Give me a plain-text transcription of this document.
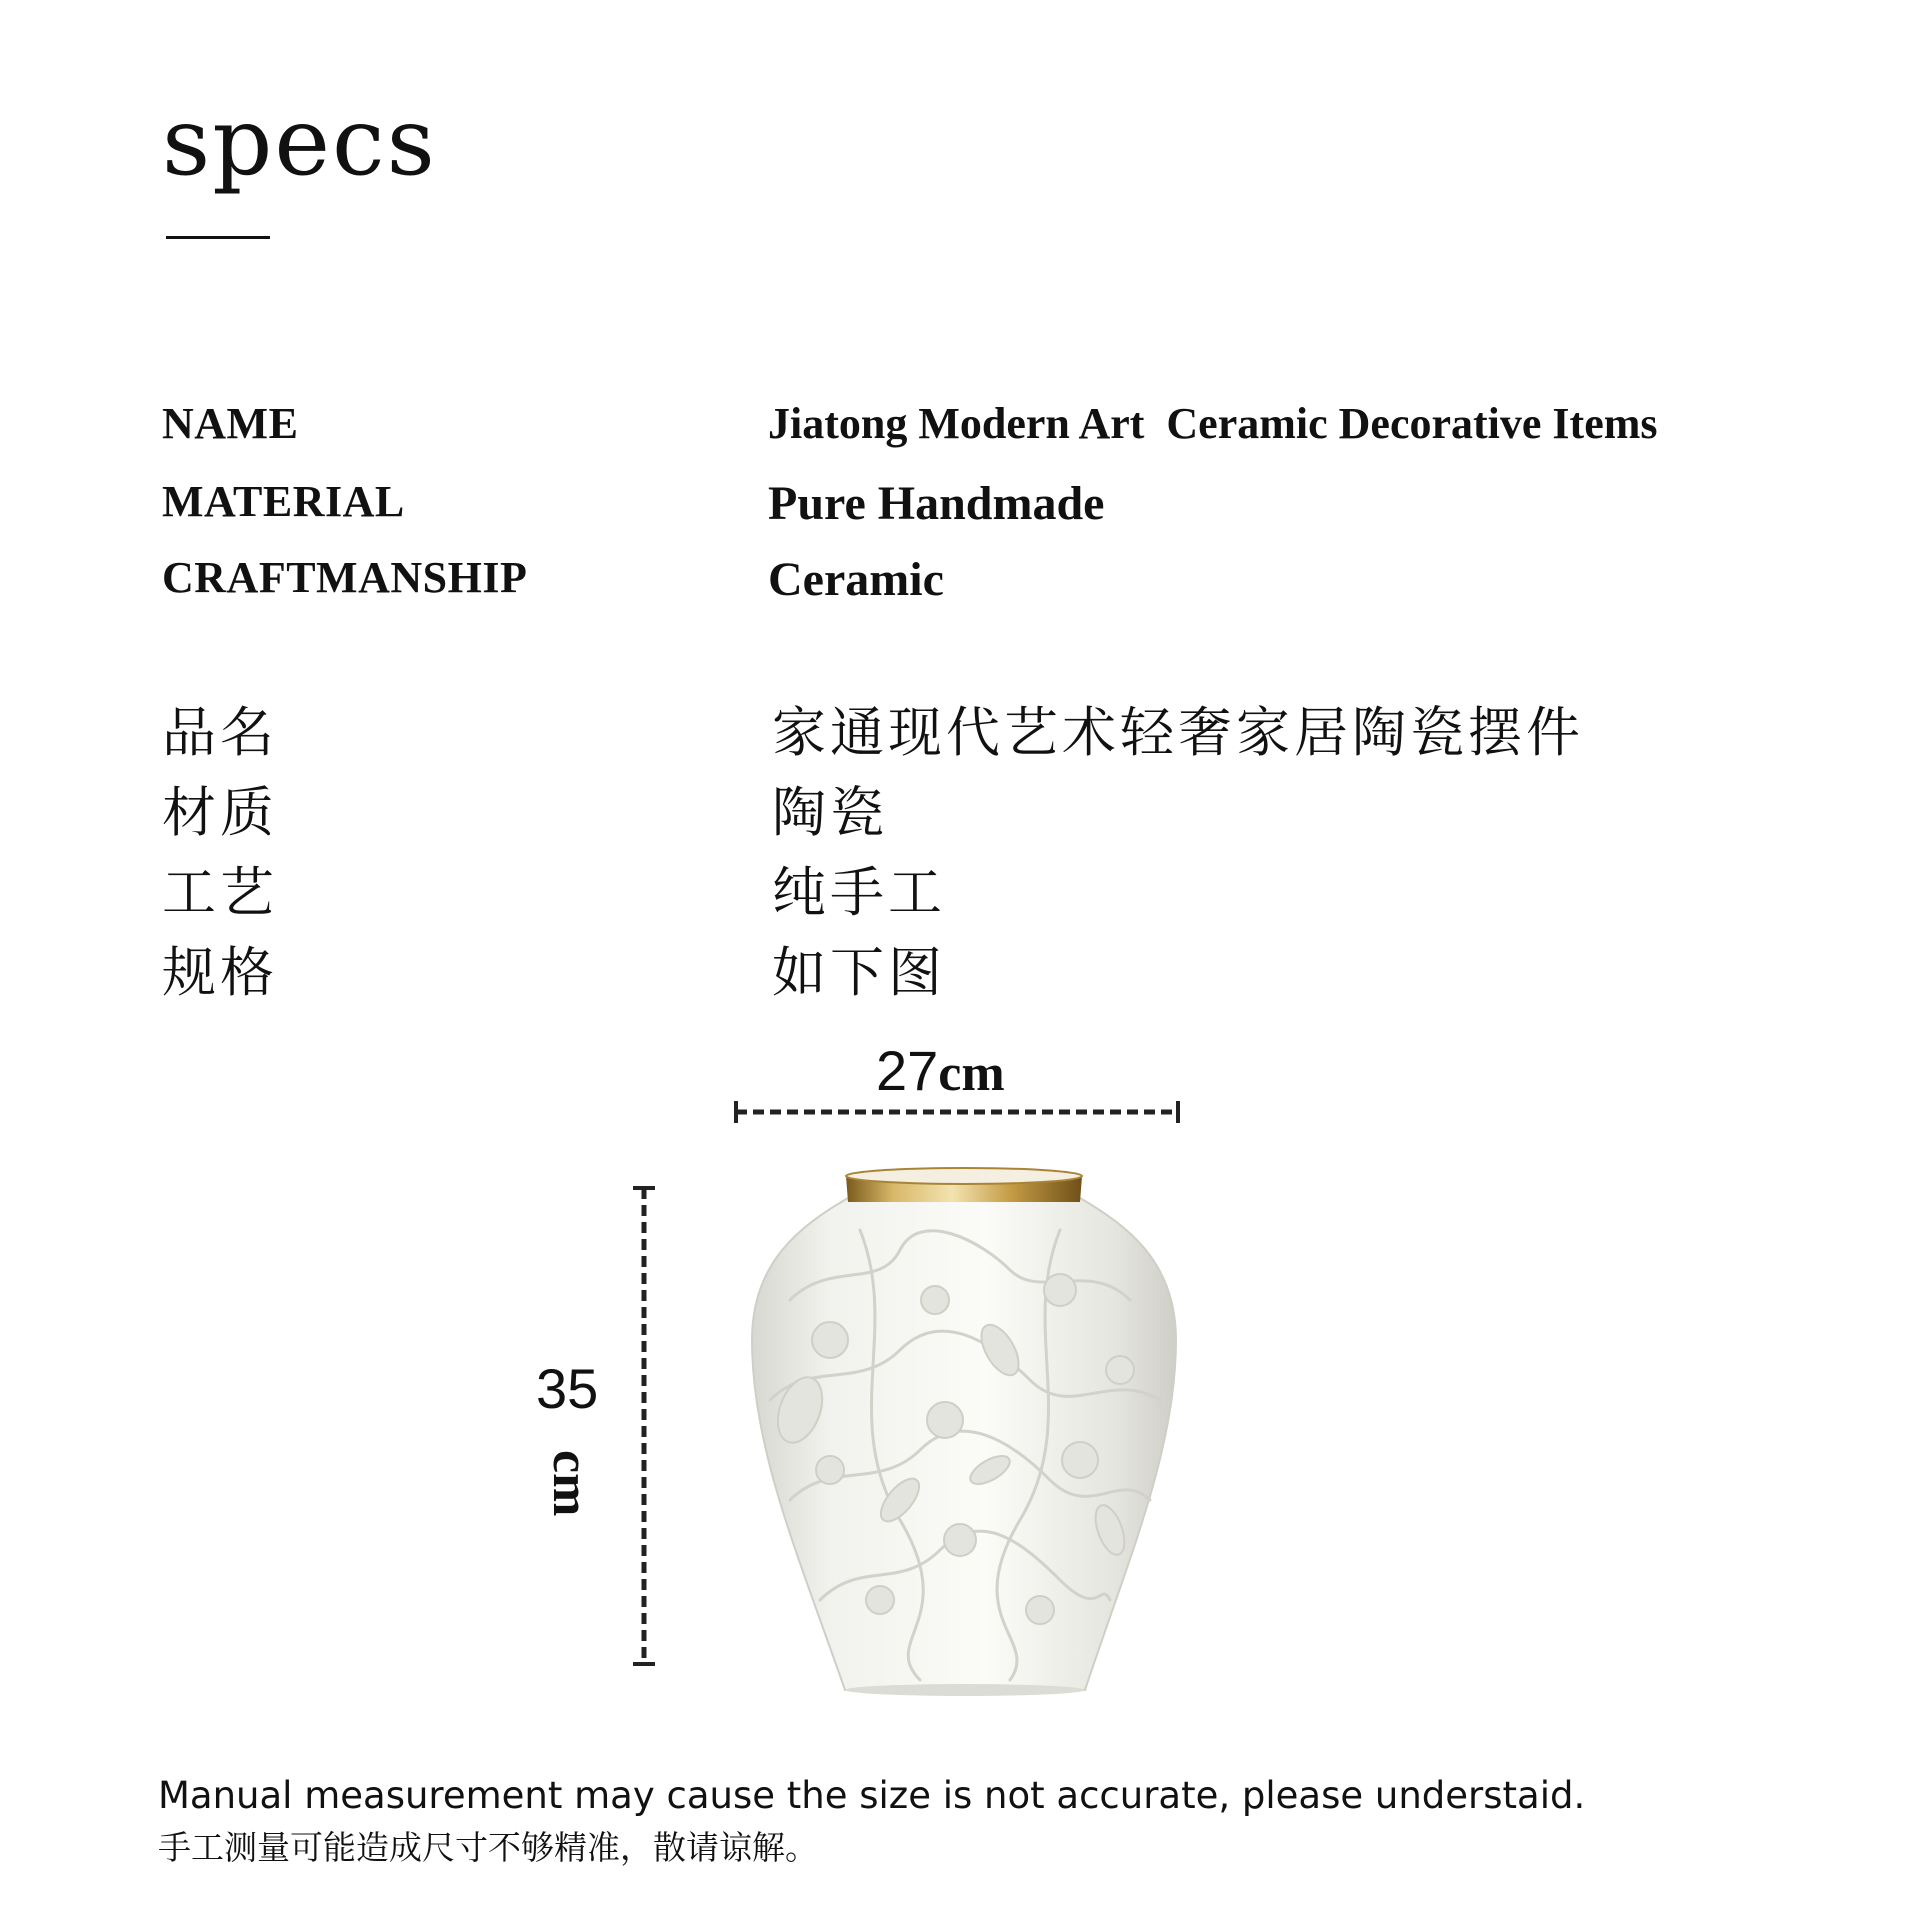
specs
NAME	Jiatong Modern Art  Ceramic Decorative Items
MATERIAL	Pure Handmade
CRAFTMANSHIP	Ceramic
品名	家通现代艺术轻奢家居陶瓷摆件
材质	陶瓷
工艺	纯手工
规格	如下图
27cm
35
cm
Manual measurement may cause the size is not accurate, please understaid.
手工测量可能造成尺寸不够精准，散请谅解。
